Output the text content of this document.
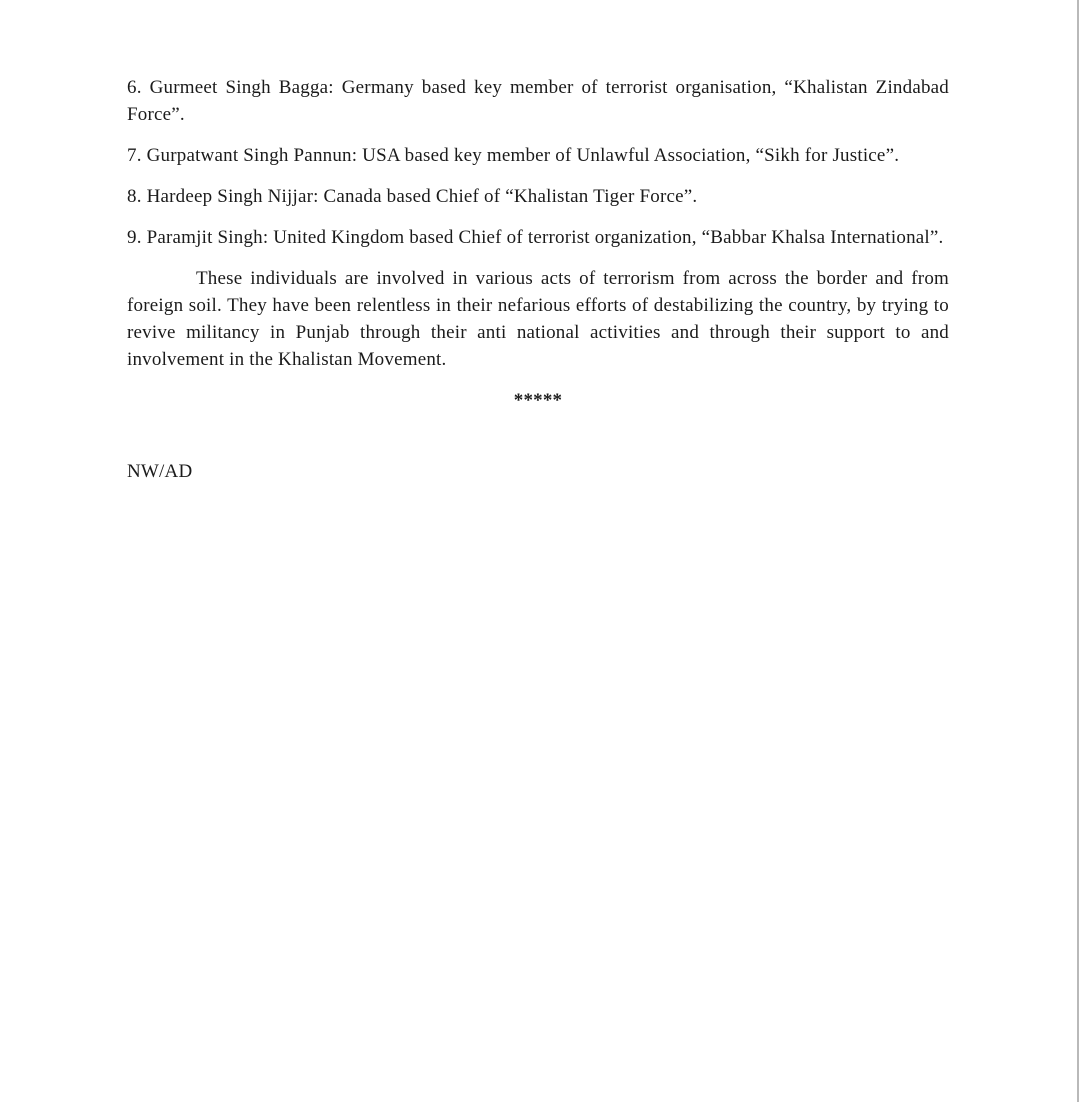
6. Gurmeet Singh Bagga: Germany based key member of terrorist organisation, “Khalistan Zindabad Force”.

7. Gurpatwant Singh Pannun: USA based key member of Unlawful Association, “Sikh for Justice”.

8. Hardeep Singh Nijjar: Canada based Chief of “Khalistan Tiger Force”.

9. Paramjit Singh: United Kingdom based Chief of terrorist organization, “Babbar Khalsa International”.

These individuals are involved in various acts of terrorism from across the border and from foreign soil. They have been relentless in their nefarious efforts of destabilizing the country, by trying to revive militancy in Punjab through their anti national activities and through their support to and involvement in the Khalistan Movement.

*****

NW/AD
